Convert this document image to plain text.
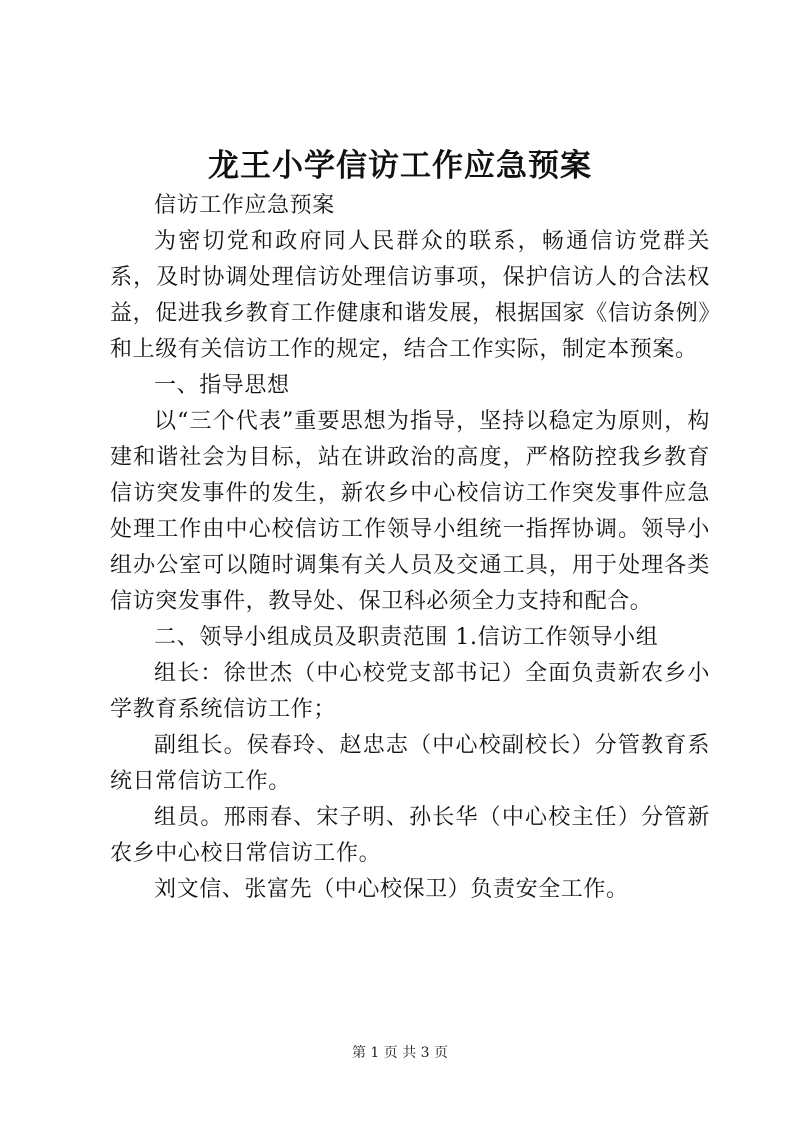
龙王小学信访工作应急预案

信访工作应急预案

为密切党和政府同人民群众的联系，畅通信访党群关系，及时协调处理信访处理信访事项，保护信访人的合法权益，促进我乡教育工作健康和谐发展，根据国家《信访条例》和上级有关信访工作的规定，结合工作实际，制定本预案。

一、指导思想

以“三个代表”重要思想为指导，坚持以稳定为原则，构建和谐社会为目标，站在讲政治的高度，严格防控我乡教育信访突发事件的发生，新农乡中心校信访工作突发事件应急处理工作由中心校信访工作领导小组统一指挥协调。领导小组办公室可以随时调集有关人员及交通工具，用于处理各类信访突发事件，教导处、保卫科必须全力支持和配合。

二、领导小组成员及职责范围 1.信访工作领导小组

组长：徐世杰（中心校党支部书记）全面负责新农乡小学教育系统信访工作；

副组长。侯春玲、赵忠志（中心校副校长）分管教育系统日常信访工作。

组员。邢雨春、宋子明、孙长华（中心校主任）分管新农乡中心校日常信访工作。

刘文信、张富先（中心校保卫）负责安全工作。

第 1 页 共 3 页
